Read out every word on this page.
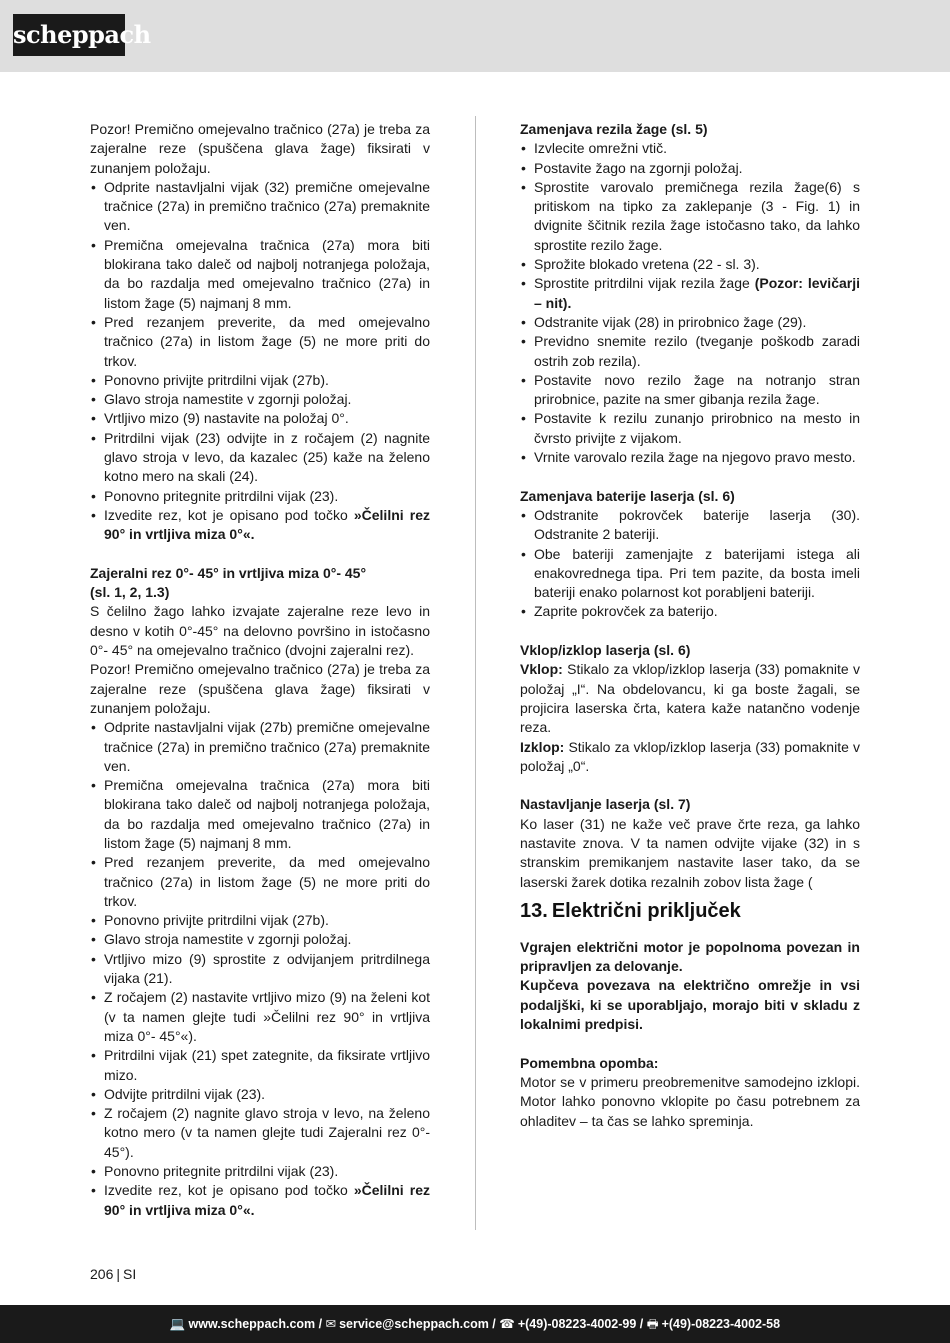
scheppach

Pozor! Premično omejevalno tračnico (27a) je treba za zajeralne reze (spuščena glava žage) fiksirati v zunanjem položaju.

• Odprite nastavljalni vijak (32) premične omejevalne tračnice (27a) in premično tračnico (27a) premaknite ven.
• Premična omejevalna tračnica (27a) mora biti blokirana tako daleč od najbolj notranjega položaja, da bo razdalja med omejevalno tračnico (27a) in listom žage (5) najmanj 8 mm.
• Pred rezanjem preverite, da med omejevalno tračnico (27a) in listom žage (5) ne more priti do trkov.
• Ponovno privijte pritrdilni vijak (27b).
• Glavo stroja namestite v zgornji položaj.
• Vrtljivo mizo (9) nastavite na položaj 0°.
• Pritrdilni vijak (23) odvijte in z ročajem (2) nagnite glavo stroja v levo, da kazalec (25) kaže na želeno kotno mero na skali (24).
• Ponovno pritegnite pritrdilni vijak (23).
• Izvedite rez, kot je opisano pod točko »Čelilni rez 90° in vrtljiva miza 0°«.

Zajeralni rez 0°- 45° in vrtljiva miza 0°- 45°

(sl. 1, 2, 1.3)

S čelilno žago lahko izvajate zajeralne reze levo in desno v kotih 0°-45° na delovno površino in istočasno 0°- 45° na omejevalno tračnico (dvojni zajeralni rez).

Pozor! Premično omejevalno tračnico (27a) je treba za zajeralne reze (spuščena glava žage) fiksirati v zunanjem položaju.

• Odprite nastavljalni vijak (27b) premične omejevalne tračnice (27a) in premično tračnico (27a) premaknite ven.
• Premična omejevalna tračnica (27a) mora biti blokirana tako daleč od najbolj notranjega položaja, da bo razdalja med omejevalno tračnico (27a) in listom žage (5) najmanj 8 mm.
• Pred rezanjem preverite, da med omejevalno tračnico (27a) in listom žage (5) ne more priti do trkov.
• Ponovno privijte pritrdilni vijak (27b).
• Glavo stroja namestite v zgornji položaj.
• Vrtljivo mizo (9) sprostite z odvijanjem pritrdilnega vijaka (21).
• Z ročajem (2) nastavite vrtljivo mizo (9) na želeni kot (v ta namen glejte tudi »Čelilni rez 90° in vrtljiva miza 0°- 45°«).
• Pritrdilni vijak (21) spet zategnite, da fiksirate vrtljivo mizo.
• Odvijte pritrdilni vijak (23).
• Z ročajem (2) nagnite glavo stroja v levo, na želeno kotno mero (v ta namen glejte tudi Zajeralni rez 0°- 45°).
• Ponovno pritegnite pritrdilni vijak (23).
• Izvedite rez, kot je opisano pod točko »Čelilni rez 90° in vrtljiva miza 0°«.

Zamenjava rezila žage (sl. 5)

• Izvlecite omrežni vtič.
• Postavite žago na zgornji položaj.
• Sprostite varovalo premičnega rezila žage(6) s pritiskom na tipko za zaklepanje (3 - Fig. 1) in dvignite ščitnik rezila žage istočasno tako, da lahko sprostite rezilo žage.
• Sprožite blokado vretena (22 - sl. 3).
• Sprostite pritrdilni vijak rezila žage (Pozor: levičarji – nit).
• Odstranite vijak (28) in prirobnico žage (29).
• Previdno snemite rezilo (tveganje poškodb zaradi ostrih zob rezila).
• Postavite novo rezilo žage na notranjo stran prirobnice, pazite na smer gibanja rezila žage.
• Postavite k rezilu zunanjo prirobnico na mesto in čvrsto privijte z vijakom.
• Vrnite varovalo rezila žage na njegovo pravo mesto.

Zamenjava baterije laserja (sl. 6)

• Odstranite pokrovček baterije laserja (30). Odstranite 2 bateriji.
• Obe bateriji zamenjajte z baterijami istega ali enakovrednega tipa. Pri tem pazite, da bosta imeli bateriji enako polarnost kot porabljeni bateriji.
• Zaprite pokrovček za baterijo.

Vklop/izklop laserja (sl. 6)

Vklop: Stikalo za vklop/izklop laserja (33) pomaknite v položaj „I“. Na obdelovancu, ki ga boste žagali, se projicira laserska črta, katera kaže natančno vodenje reza.

Izklop: Stikalo za vklop/izklop laserja (33) pomaknite v položaj „0“.

Nastavljanje laserja (sl. 7)

Ko laser (31) ne kaže več prave črte reza, ga lahko nastavite znova. V ta namen odvijte vijake (32) in s stranskim premikanjem nastavite laser tako, da se laserski žarek dotika rezalnih zobov lista žage (

13. Električni priključek

Vgrajen električni motor je popolnoma povezan in pripravljen za delovanje.

Kupčeva povezava na električno omrežje in vsi podaljški, ki se uporabljajo, morajo biti v skladu z lokalnimi predpisi.

Pomembna opomba:

Motor se v primeru preobremenitve samodejno izklopi. Motor lahko ponovno vklopite po času potrebnem za ohladitev – ta čas se lahko spreminja.

206 | SI
💻 www.scheppach.com / ✉ service@scheppach.com / ☎ +(49)-08223-4002-99 / 🖶 +(49)-08223-4002-58
